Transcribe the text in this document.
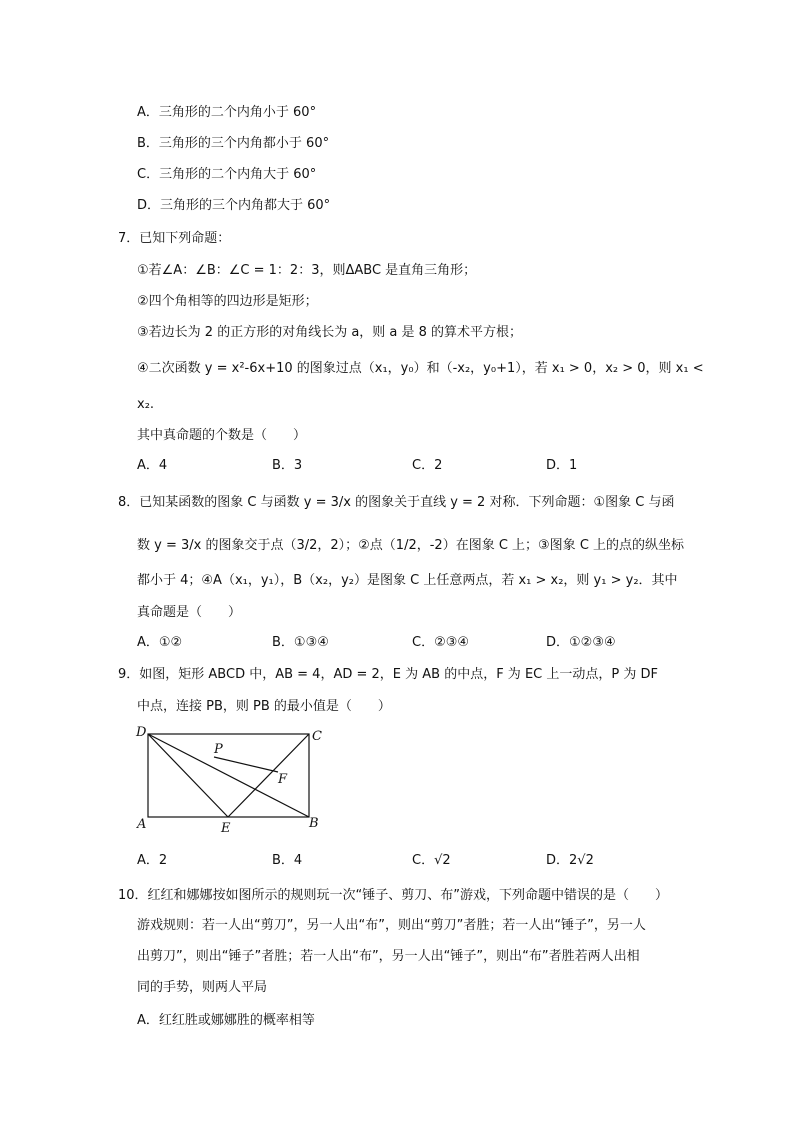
A．三角形的二个内角小于 60°
B．三角形的三个内角都小于 60°
C．三角形的二个内角大于 60°
D．三角形的三个内角都大于 60°
7．已知下列命题：
①若∠A：∠B：∠C = 1：2：3，则ΔABC 是直角三角形；
②四个角相等的四边形是矩形；
③若边长为 2 的正方形的对角线长为 a，则 a 是 8 的算术平方根；
④二次函数 y = x²-6x+10 的图象过点（x₁，y₀）和（-x₂，y₀+1），若 x₁ > 0，x₂ > 0，则 x₁ <
x₂.
其中真命题的个数是（　　）
A．4	B．3	C．2	D．1
8．已知某函数的图象 C 与函数 y = 3/x 的图象关于直线 y = 2 对称．下列命题：①图象 C 与函
数 y = 3/x 的图象交于点（3/2，2）；②点（1/2，-2）在图象 C 上；③图象 C 上的点的纵坐标
都小于 4；④A（x₁，y₁），B（x₂，y₂）是图象 C 上任意两点，若 x₁ > x₂，则 y₁ > y₂．其中
真命题是（　　）
A．①②	B．①③④	C．②③④	D．①②③④
9．如图，矩形 ABCD 中，AB = 4，AD = 2，E 为 AB 的中点，F 为 EC 上一动点，P 为 DF
中点，连接 PB，则 PB 的最小值是（　　）
D	C
P
F
A	E	B
A．2	B．4	C．√2	D．2√2
10．红红和娜娜按如图所示的规则玩一次“锤子、剪刀、布”游戏，下列命题中错误的是（　　）
游戏规则：若一人出“剪刀”，另一人出“布”，则出“剪刀”者胜；若一人出“锤子”，另一人
出剪刀”，则出“锤子”者胜；若一人出“布”，另一人出“锤子”，则出“布”者胜若两人出相
同的手势，则两人平局
A．红红胜或娜娜胜的概率相等
